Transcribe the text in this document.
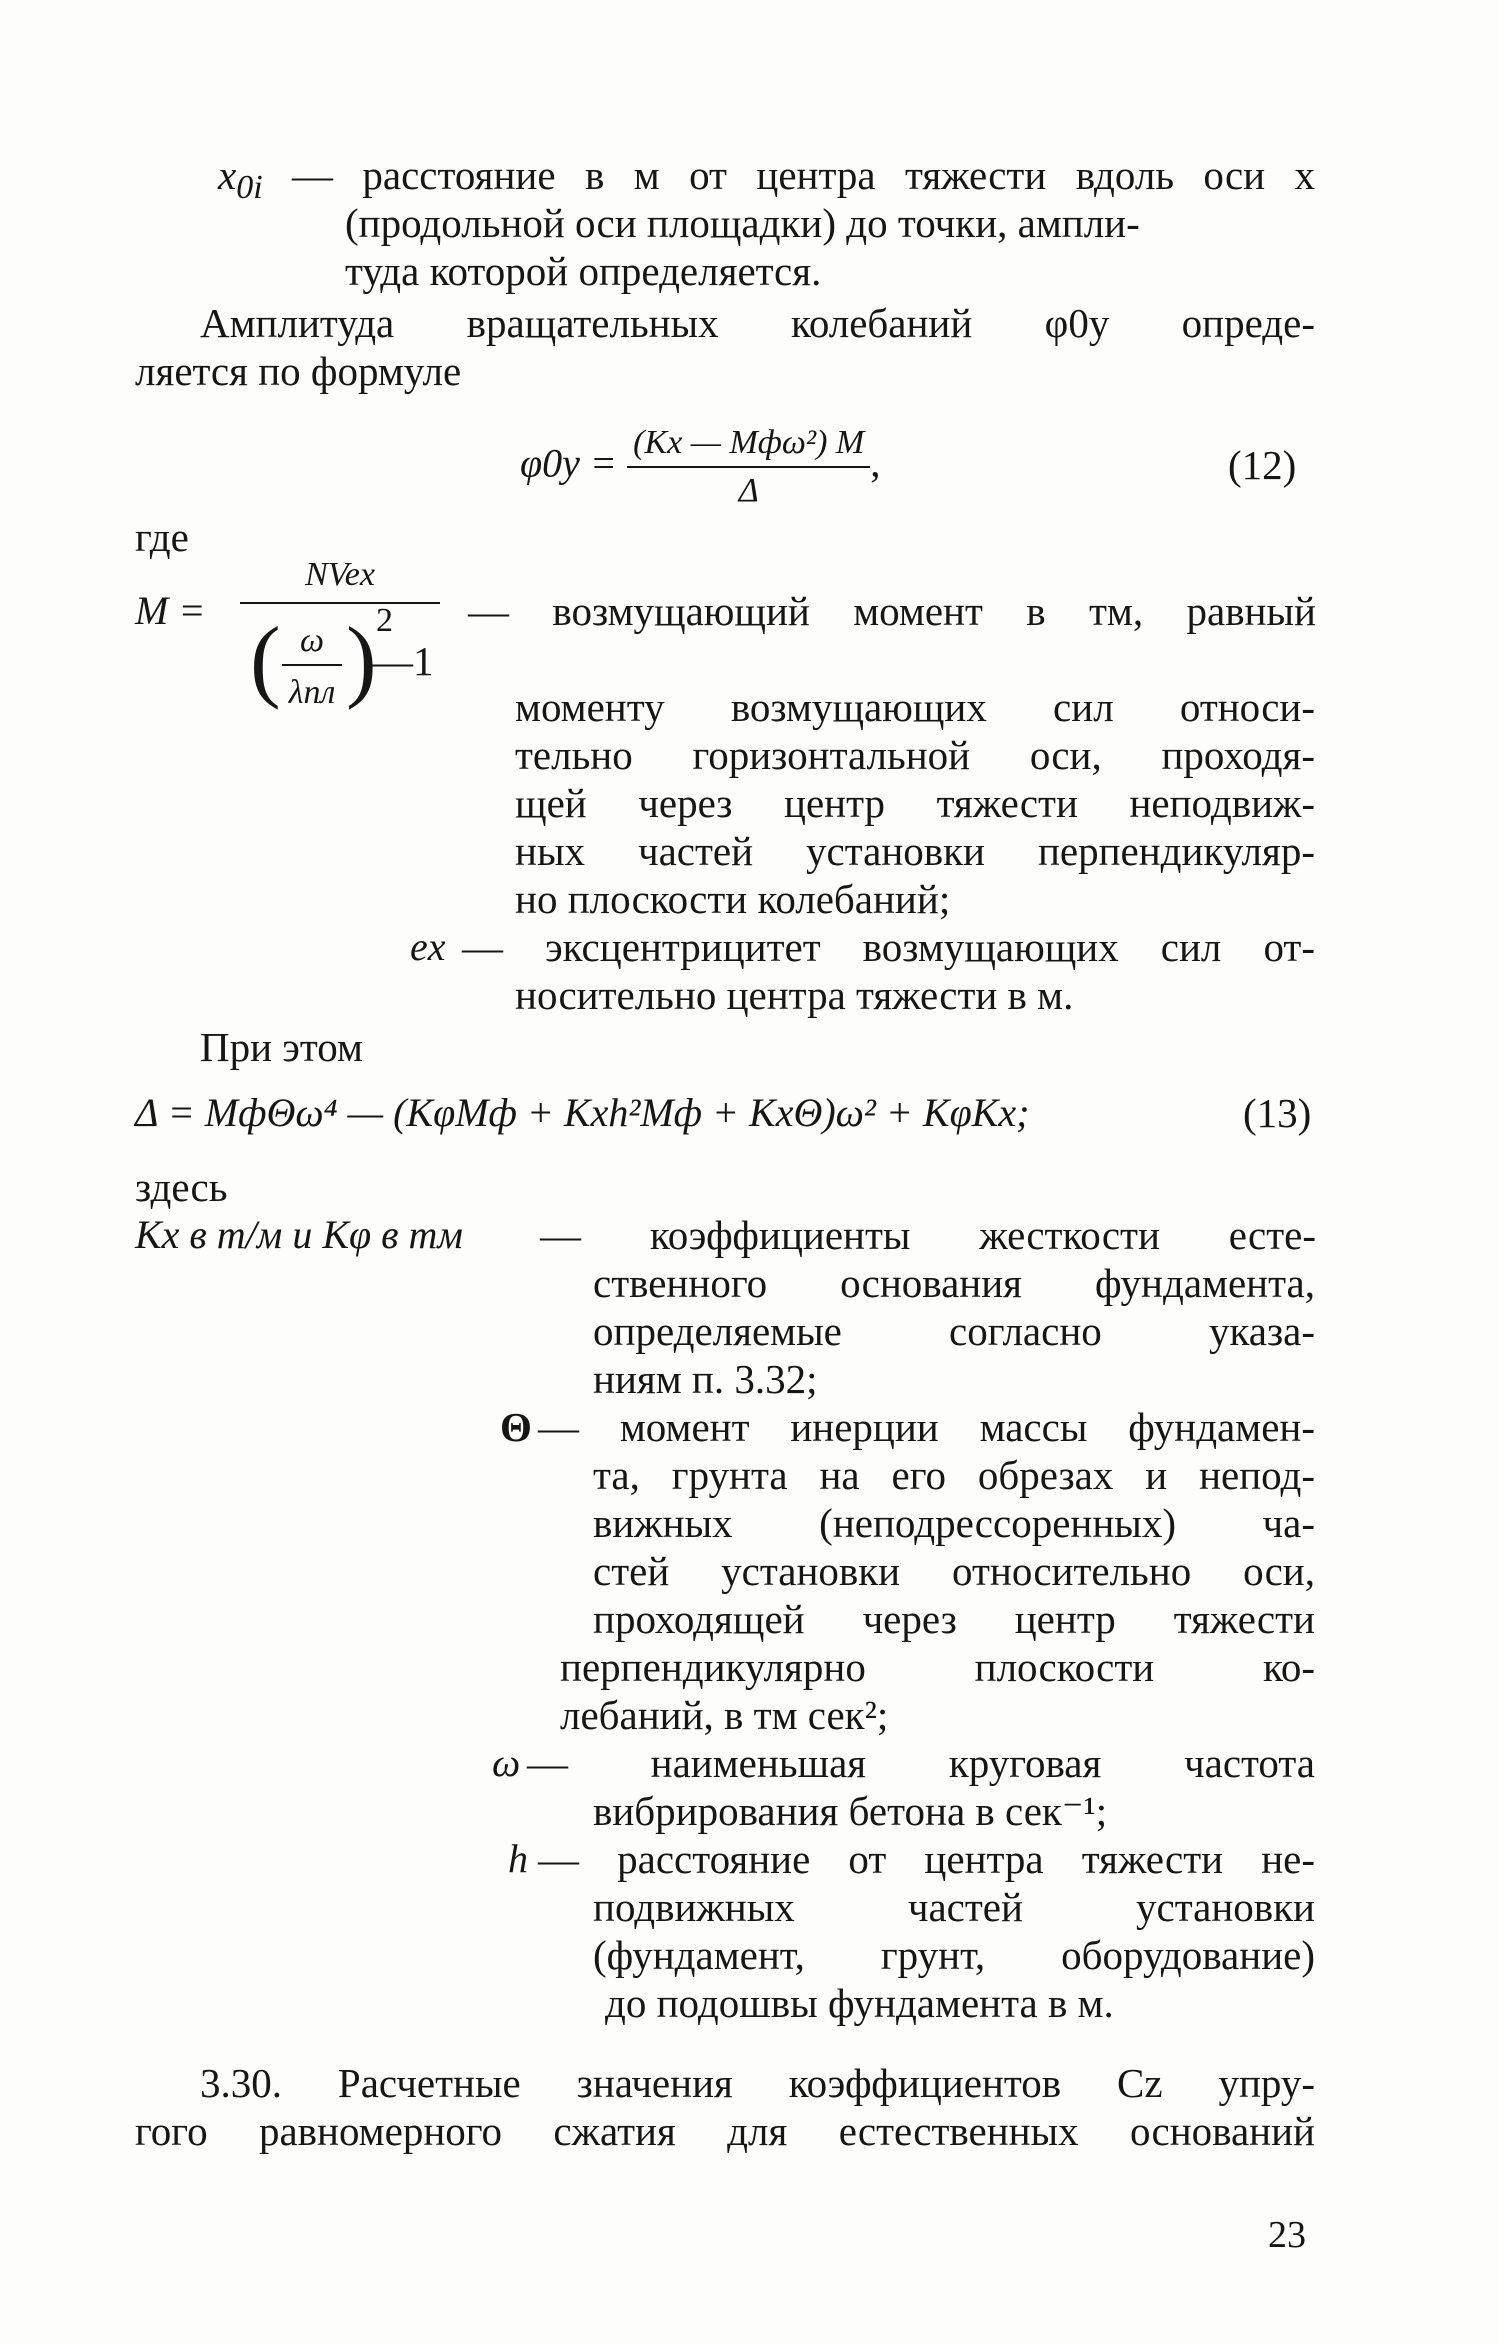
$x_{0i}$ — расстояние в м от центра тяжести вдоль оси x
(продольной оси площадки) до точки, ампли-
туда которой определяется.
Амплитуда вращательных колебаний φ0y опреде-
ляется по формуле
$\varphi 0y = \frac{\text{(Kx — Mфω²) M}}{\Delta}$ ,	(12)
где
M =
NVex
( ω
λпл ) 2
—1
— возмущающий момент в тм, равный
моменту возмущающих сил относи-
тельно горизонтальной оси, проходя-
щей через центр тяжести неподвиж-
ных частей установки перпендикуляр-
но плоскости колебаний;
ex — эксцентрицитет возмущающих сил от-
носительно центра тяжести в м.
При этом
Δ = MфΘω⁴ — (KφMф + Kxh²Mф + KxΘ)ω² + KφKx;	(13)
здесь
Kx в т/м и Kφ в тм — коэффициенты жесткости есте-
ственного основания фундамента,
определяемые согласно указа-
ниям п. 3.32;
Θ — момент инерции массы фундамен-
та, грунта на его обрезах и непод-
вижных (неподрессоренных) ча-
стей установки относительно оси,
проходящей через центр тяжести
перпендикулярно плоскости ко-
лебаний, в тм сек²;
ω — наименьшая круговая частота
вибрирования бетона в сек⁻¹;
h — расстояние от центра тяжести не-
подвижных частей установки
(фундамент, грунт, оборудование)
до подошвы фундамента в м.
3.30. Расчетные значения коэффициентов Cz упру-
гого равномерного сжатия для естественных оснований
23
